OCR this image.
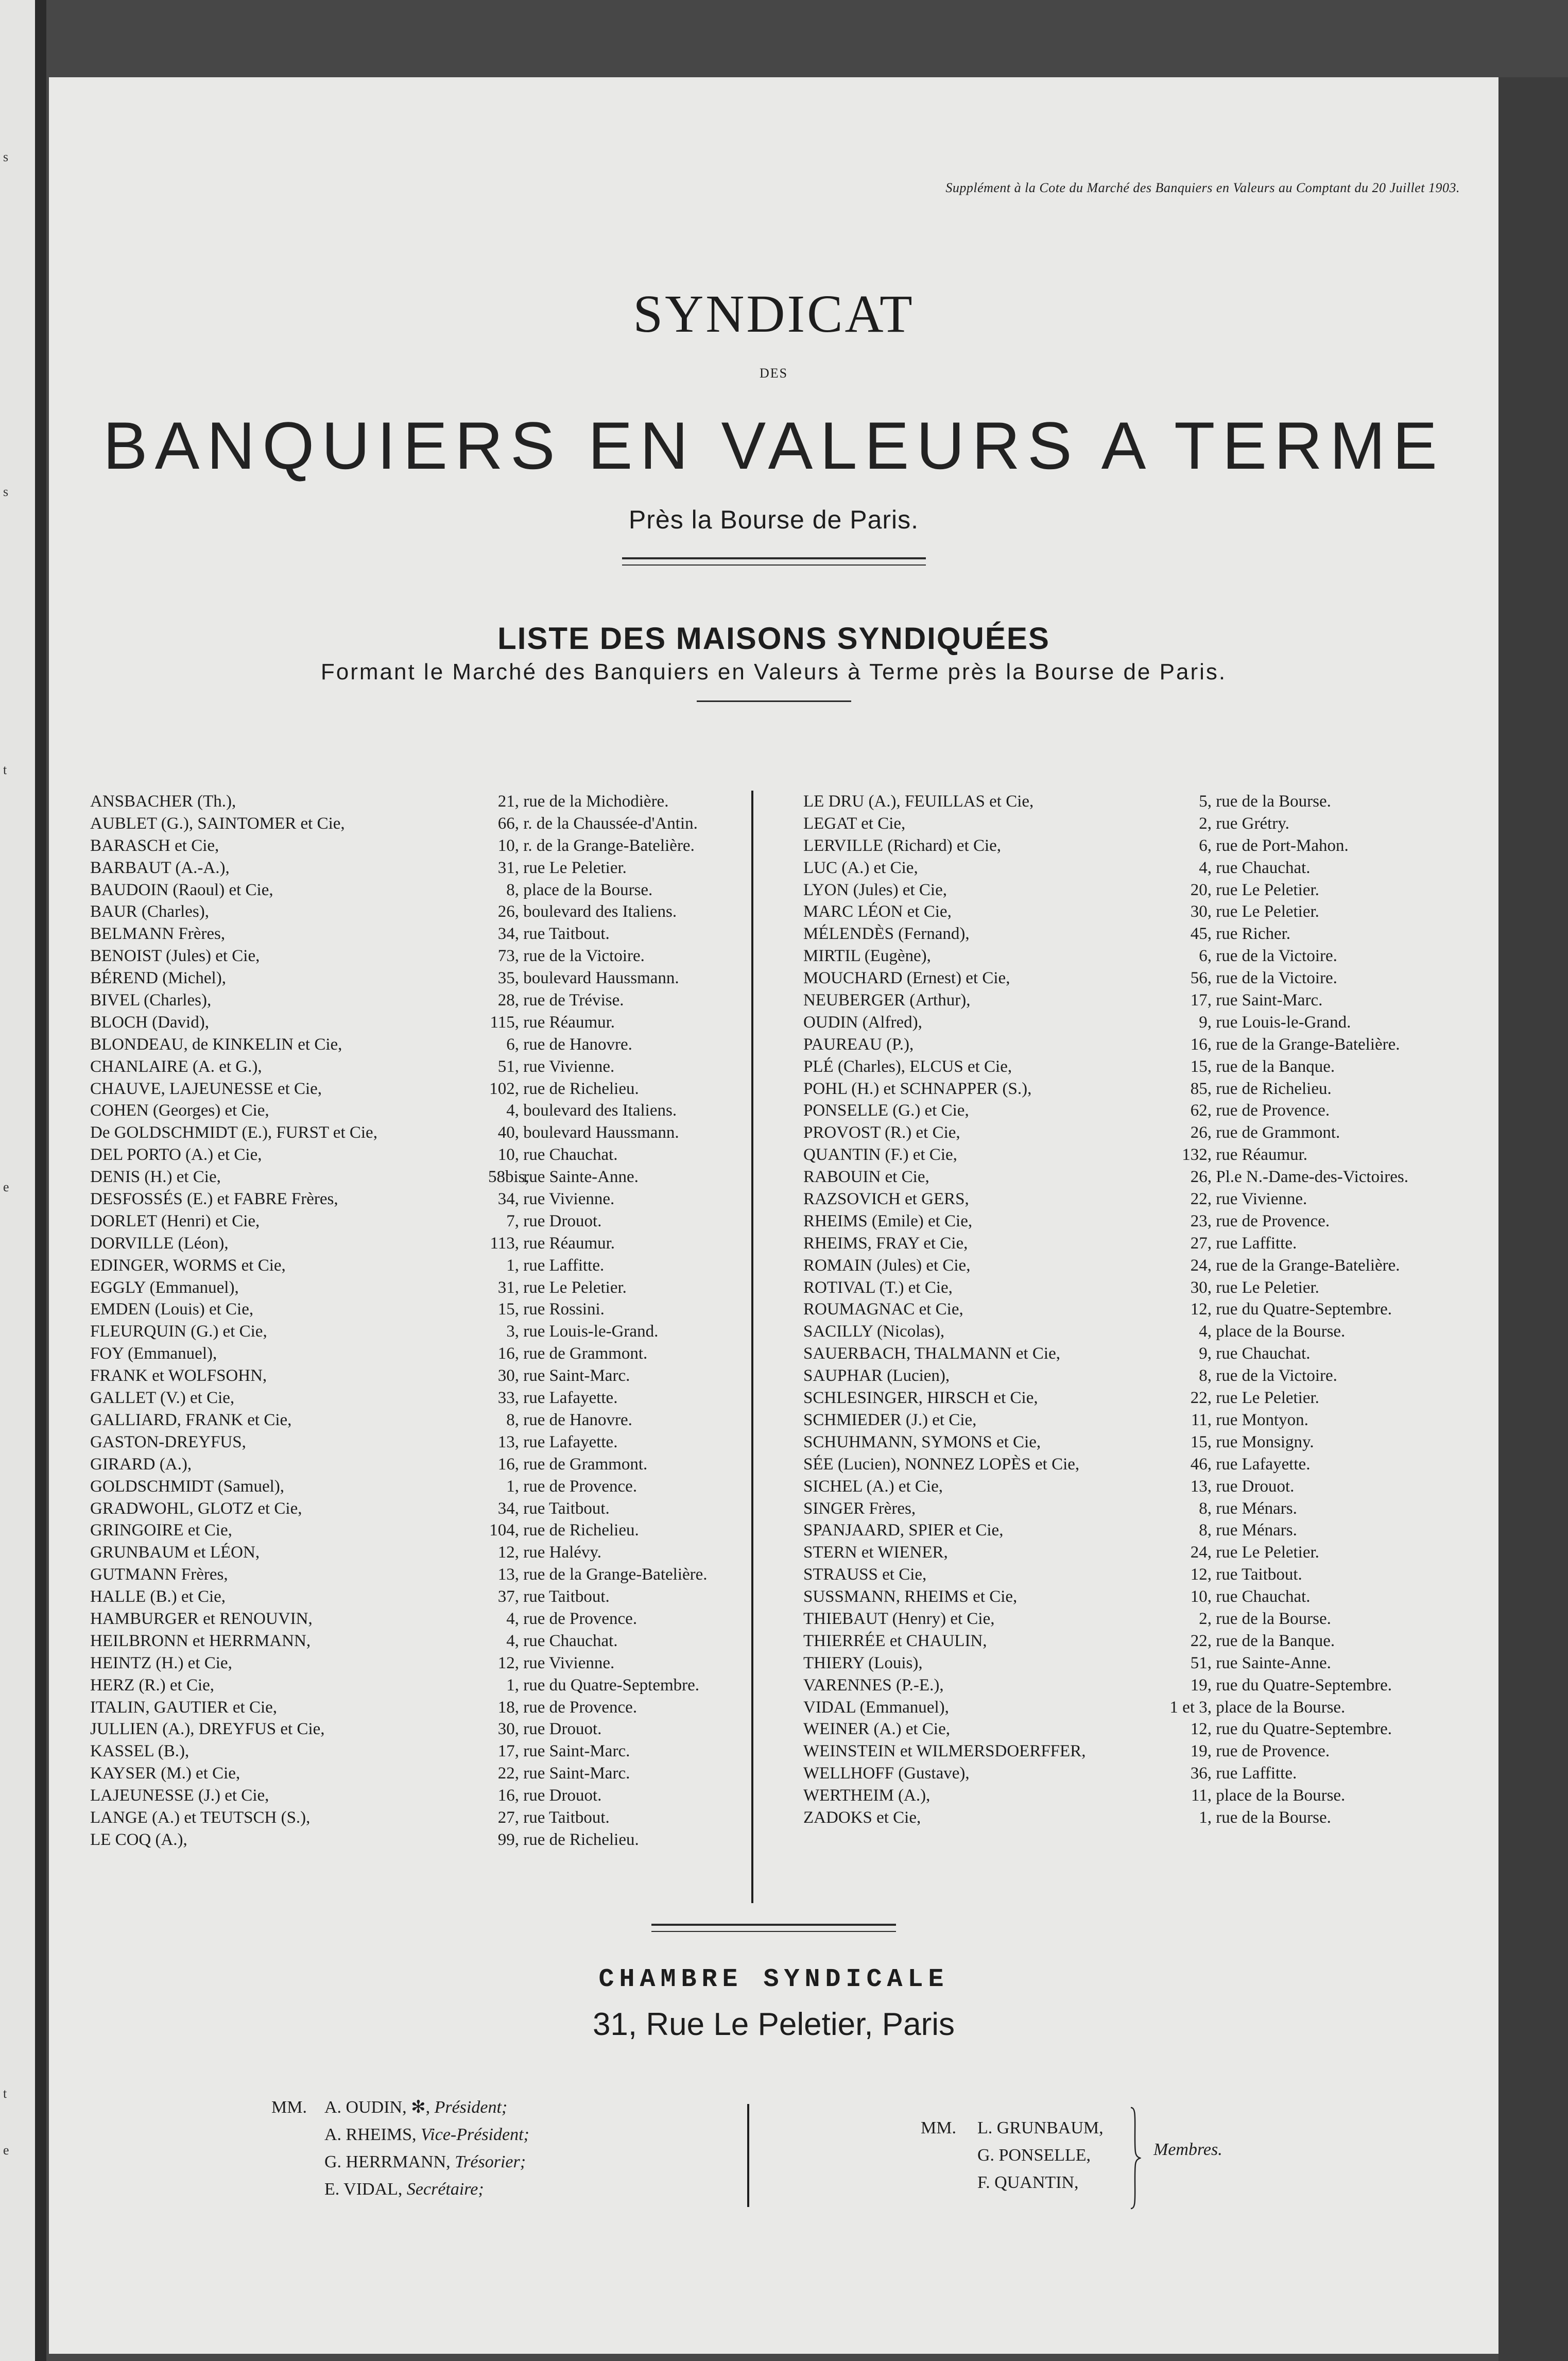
s
s
t
e
t
e
Supplément à la Cote du Marché des Banquiers en Valeurs au Comptant du 20 Juillet 1903.
SYNDICAT
DES
BANQUIERS EN VALEURS A TERME
Près la Bourse de Paris.
LISTE DES MAISONS SYNDIQUÉES
Formant le Marché des Banquiers en Valeurs à Terme près la Bourse de Paris.
ANSBACHER (Th.),	21, rue de la Michodière.
AUBLET (G.), SAINTOMER et Cie,	66, r. de la Chaussée-d'Antin.
BARASCH et Cie,	10, r. de la Grange-Batelière.
BARBAUT (A.-A.),	31, rue Le Peletier.
BAUDOIN (Raoul) et Cie,	8, place de la Bourse.
BAUR (Charles),	26, boulevard des Italiens.
BELMANN Frères,	34, rue Taitbout.
BENOIST (Jules) et Cie,	73, rue de la Victoire.
BÉREND (Michel),	35, boulevard Haussmann.
BIVEL (Charles),	28, rue de Trévise.
BLOCH (David),	115, rue Réaumur.
BLONDEAU, de KINKELIN et Cie,	6, rue de Hanovre.
CHANLAIRE (A. et G.),	51, rue Vivienne.
CHAUVE, LAJEUNESSE et Cie,	102, rue de Richelieu.
COHEN (Georges) et Cie,	4, boulevard des Italiens.
De GOLDSCHMIDT (E.), FURST et Cie,	40, boulevard Haussmann.
DEL PORTO (A.) et Cie,	10, rue Chauchat.
DENIS (H.) et Cie,	58bis, rue Sainte-Anne.
DESFOSSÉS (E.) et FABRE Frères,	34, rue Vivienne.
DORLET (Henri) et Cie,	7, rue Drouot.
DORVILLE (Léon),	113, rue Réaumur.
EDINGER, WORMS et Cie,	1, rue Laffitte.
EGGLY (Emmanuel),	31, rue Le Peletier.
EMDEN (Louis) et Cie,	15, rue Rossini.
FLEURQUIN (G.) et Cie,	3, rue Louis-le-Grand.
FOY (Emmanuel),	16, rue de Grammont.
FRANK et WOLFSOHN,	30, rue Saint-Marc.
GALLET (V.) et Cie,	33, rue Lafayette.
GALLIARD, FRANK et Cie,	8, rue de Hanovre.
GASTON-DREYFUS,	13, rue Lafayette.
GIRARD (A.),	16, rue de Grammont.
GOLDSCHMIDT (Samuel),	1, rue de Provence.
GRADWOHL, GLOTZ et Cie,	34, rue Taitbout.
GRINGOIRE et Cie,	104, rue de Richelieu.
GRUNBAUM et LÉON,	12, rue Halévy.
GUTMANN Frères,	13, rue de la Grange-Batelière.
HALLE (B.) et Cie,	37, rue Taitbout.
HAMBURGER et RENOUVIN,	4, rue de Provence.
HEILBRONN et HERRMANN,	4, rue Chauchat.
HEINTZ (H.) et Cie,	12, rue Vivienne.
HERZ (R.) et Cie,	1, rue du Quatre-Septembre.
ITALIN, GAUTIER et Cie,	18, rue de Provence.
JULLIEN (A.), DREYFUS et Cie,	30, rue Drouot.
KASSEL (B.),	17, rue Saint-Marc.
KAYSER (M.) et Cie,	22, rue Saint-Marc.
LAJEUNESSE (J.) et Cie,	16, rue Drouot.
LANGE (A.) et TEUTSCH (S.),	27, rue Taitbout.
LE COQ (A.),	99, rue de Richelieu.
LE DRU (A.), FEUILLAS et Cie,	5, rue de la Bourse.
LEGAT et Cie,	2, rue Grétry.
LERVILLE (Richard) et Cie,	6, rue de Port-Mahon.
LUC (A.) et Cie,	4, rue Chauchat.
LYON (Jules) et Cie,	20, rue Le Peletier.
MARC LÉON et Cie,	30, rue Le Peletier.
MÉLENDÈS (Fernand),	45, rue Richer.
MIRTIL (Eugène),	6, rue de la Victoire.
MOUCHARD (Ernest) et Cie,	56, rue de la Victoire.
NEUBERGER (Arthur),	17, rue Saint-Marc.
OUDIN (Alfred),	9, rue Louis-le-Grand.
PAUREAU (P.),	16, rue de la Grange-Batelière.
PLÉ (Charles), ELCUS et Cie,	15, rue de la Banque.
POHL (H.) et SCHNAPPER (S.),	85, rue de Richelieu.
PONSELLE (G.) et Cie,	62, rue de Provence.
PROVOST (R.) et Cie,	26, rue de Grammont.
QUANTIN (F.) et Cie,	132, rue Réaumur.
RABOUIN et Cie,	26, Pl.e N.-Dame-des-Victoires.
RAZSOVICH et GERS,	22, rue Vivienne.
RHEIMS (Emile) et Cie,	23, rue de Provence.
RHEIMS, FRAY et Cie,	27, rue Laffitte.
ROMAIN (Jules) et Cie,	24, rue de la Grange-Batelière.
ROTIVAL (T.) et Cie,	30, rue Le Peletier.
ROUMAGNAC et Cie,	12, rue du Quatre-Septembre.
SACILLY (Nicolas),	4, place de la Bourse.
SAUERBACH, THALMANN et Cie,	9, rue Chauchat.
SAUPHAR (Lucien),	8, rue de la Victoire.
SCHLESINGER, HIRSCH et Cie,	22, rue Le Peletier.
SCHMIEDER (J.) et Cie,	11, rue Montyon.
SCHUHMANN, SYMONS et Cie,	15, rue Monsigny.
SÉE (Lucien), NONNEZ LOPÈS et Cie,	46, rue Lafayette.
SICHEL (A.) et Cie,	13, rue Drouot.
SINGER Frères,	8, rue Ménars.
SPANJAARD, SPIER et Cie,	8, rue Ménars.
STERN et WIENER,	24, rue Le Peletier.
STRAUSS et Cie,	12, rue Taitbout.
SUSSMANN, RHEIMS et Cie,	10, rue Chauchat.
THIEBAUT (Henry) et Cie,	2, rue de la Bourse.
THIERRÉE et CHAULIN,	22, rue de la Banque.
THIERY (Louis),	51, rue Sainte-Anne.
VARENNES (P.-E.),	19, rue du Quatre-Septembre.
VIDAL (Emmanuel),	1 et 3, place de la Bourse.
WEINER (A.) et Cie,	12, rue du Quatre-Septembre.
WEINSTEIN et WILMERSDOERFFER,	19, rue de Provence.
WELLHOFF (Gustave),	36, rue Laffitte.
WERTHEIM (A.),	11, place de la Bourse.
ZADOKS et Cie,	1, rue de la Bourse.
CHAMBRE SYNDICALE
31, Rue Le Peletier, Paris
MM. A. OUDIN, ✻, Président;
A. RHEIMS, Vice-Président;
G. HERRMANN, Trésorier;
E. VIDAL, Secrétaire;
MM. L. GRUNBAUM,
G. PONSELLE,
F. QUANTIN,
Membres.
